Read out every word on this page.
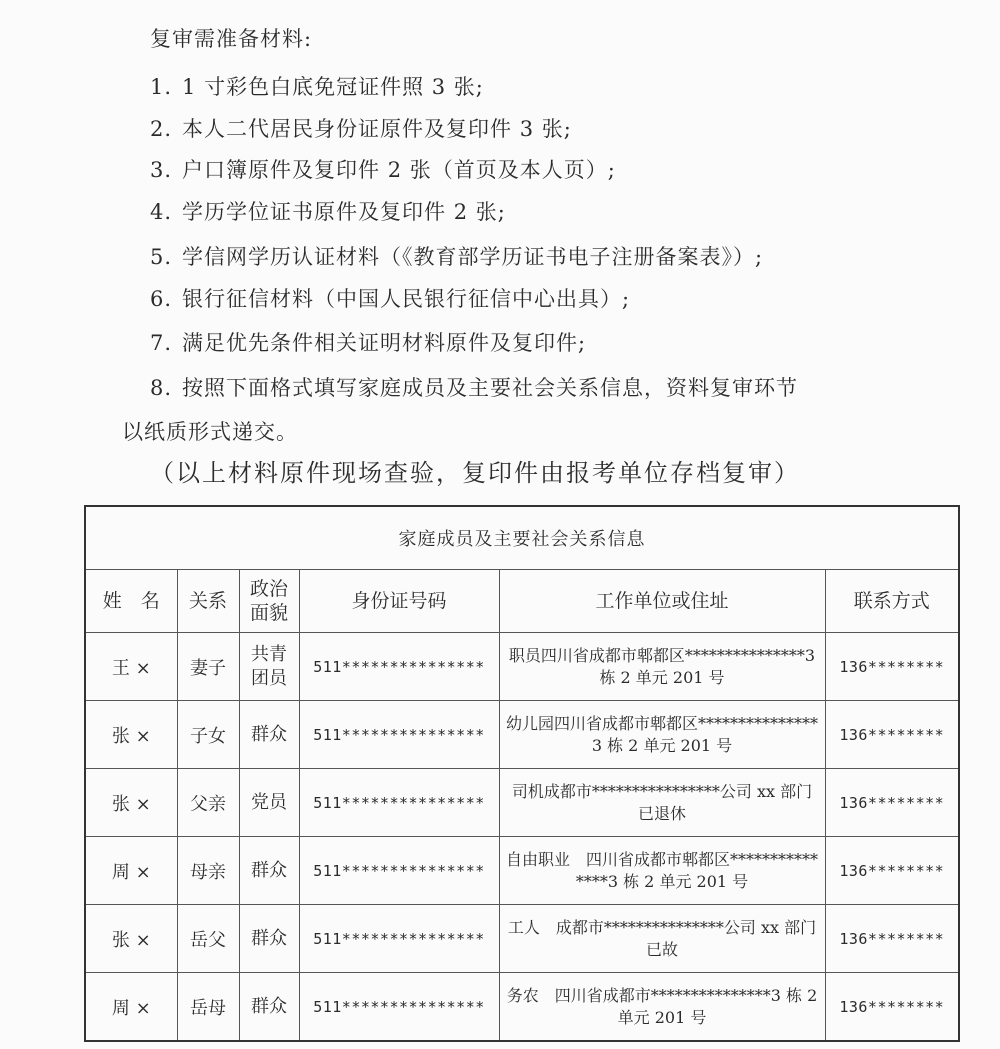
复审需准备材料:
1. 1 寸彩色白底免冠证件照 3 张;
2. 本人二代居民身份证原件及复印件 3 张;
3. 户口簿原件及复印件 2 张（首页及本人页）;
4. 学历学位证书原件及复印件 2 张;
5. 学信网学历认证材料（《教育部学历证书电子注册备案表》）;
6. 银行征信材料（中国人民银行征信中心出具）;
7. 满足优先条件相关证明材料原件及复印件;
8. 按照下面格式填写家庭成员及主要社会关系信息，资料复审环节
以纸质形式递交。
（以上材料原件现场查验，复印件由报考单位存档复审）
家庭成员及主要社会关系信息					
姓　名	关系	政治面貌	身份证号码	工作单位或住址	联系方式
王 ×	妻子	共青团员	511***************	职员四川省成都市郫都区***************3 栋 2 单元 201 号	136********
张 ×	子女	群众	511***************	幼儿园四川省成都市郫都区***************3 栋 2 单元 201 号	136********
张 ×	父亲	党员	511***************	司机成都市****************公司 xx 部门　已退休	136********
周 ×	母亲	群众	511***************	自由职业　四川省成都市郫都区***************3 栋 2 单元 201 号	136********
张 ×	岳父	群众	511***************	工人　成都市***************公司 xx 部门　已故	136********
周 ×	岳母	群众	511***************	务农　四川省成都市***************3 栋 2 单元 201 号	136********
